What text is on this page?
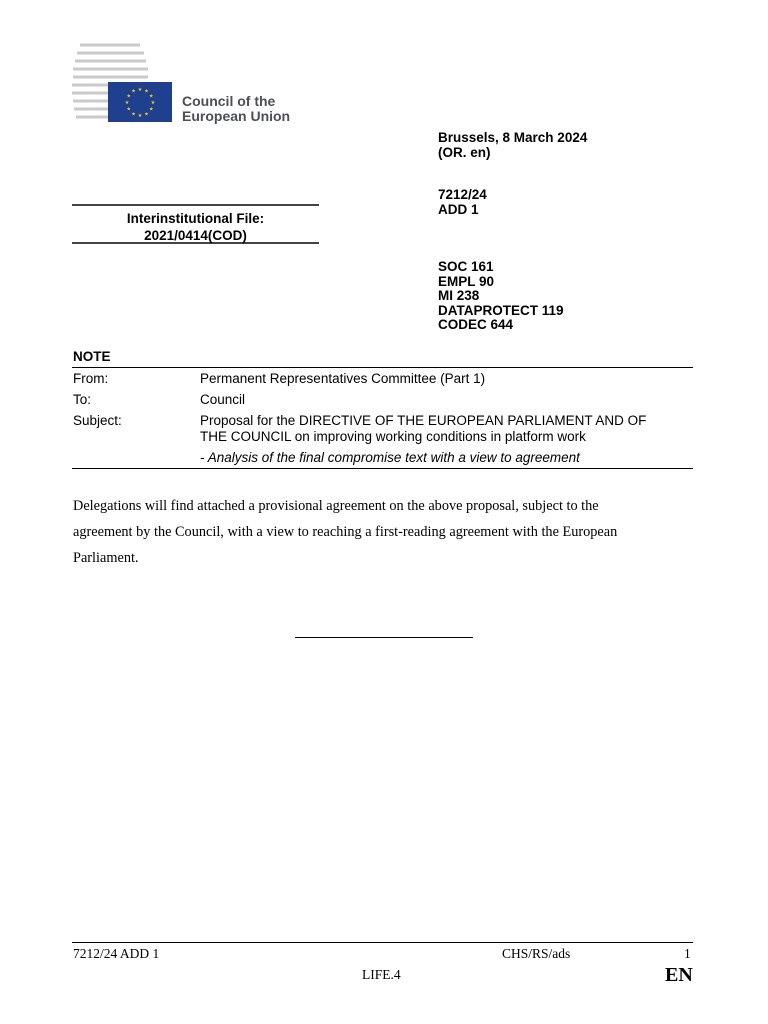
★ ★
★
★
★
★
★
★
★
★
★
★
Council of the
European Union
Brussels, 8 March 2024
(OR. en)
7212/24
ADD 1
SOC 161
EMPL 90
MI 238
DATAPROTECT 119
CODEC 644
Interinstitutional File:
2021/0414(COD)
NOTE
From:	Permanent Representatives Committee (Part 1)
To:	Council
Subject:	Proposal for the DIRECTIVE OF THE EUROPEAN PARLIAMENT AND OF
THE COUNCIL on improving working conditions in platform work
- Analysis of the final compromise text with a view to agreement
Delegations will find attached a provisional agreement on the above proposal, subject to the
agreement by the Council, with a view to reaching a first-reading agreement with the European
Parliament.
7212/24 ADD 1	CHS/RS/ads	1
LIFE.4	EN
